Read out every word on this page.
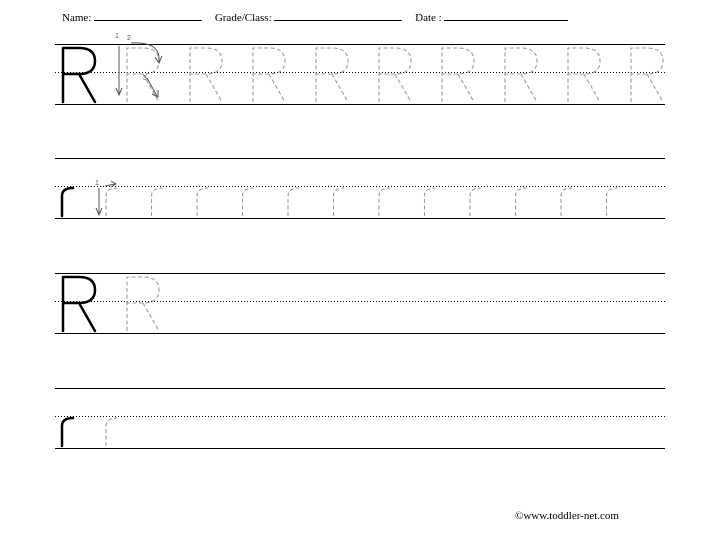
Name:	Grade/Class:	Date :
1 2
3
1
©www.toddler-net.com
